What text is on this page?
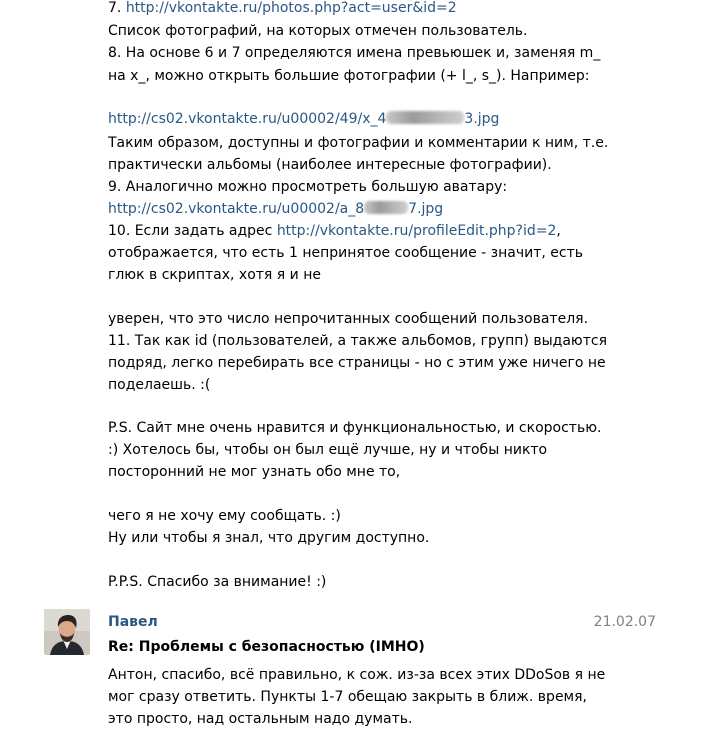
7. http://vkontakte.ru/photos.php?act=user&id=2
Список фотографий, на которых отмечен пользователь.
8. На основе 6 и 7 определяются имена превьюшек и, заменяя m_
на x_, можно открыть большие фотографии (+ l_, s_). Например:
http://cs02.vkontakte.ru/u00002/49/x_4	3.jpg
Таким образом, доступны и фотографии и комментарии к ним, т.е.
практически альбомы (наиболее интересные фотографии).
9. Аналогично можно просмотреть большую аватару:
http://cs02.vkontakte.ru/u00002/a_8	7.jpg
10. Если задать адрес http://vkontakte.ru/profileEdit.php?id=2,
отображается, что есть 1 непринятое сообщение - значит, есть
глюк в скриптах, хотя я и не
уверен, что это число непрочитанных сообщений пользователя.
11. Так как id (пользователей, а также альбомов, групп) выдаются
подряд, легко перебирать все страницы - но с этим уже ничего не
поделаешь. :(
P.S. Сайт мне очень нравится и функциональностью, и скоростью.
:) Хотелось бы, чтобы он был ещё лучше, ну и чтобы никто
посторонний не мог узнать обо мне то,
чего я не хочу ему сообщать. :)
Ну или чтобы я знал, что другим доступно.
P.P.S. Спасибо за внимание! :)
Павел	21.02.07
Re: Проблемы с безопасностью (IMHO)
Антон, спасибо, всё правильно, к сож. из-за всех этих DDoSов я не
мог сразу ответить. Пункты 1-7 обещаю закрыть в ближ. время,
это просто, над остальным надо думать.
